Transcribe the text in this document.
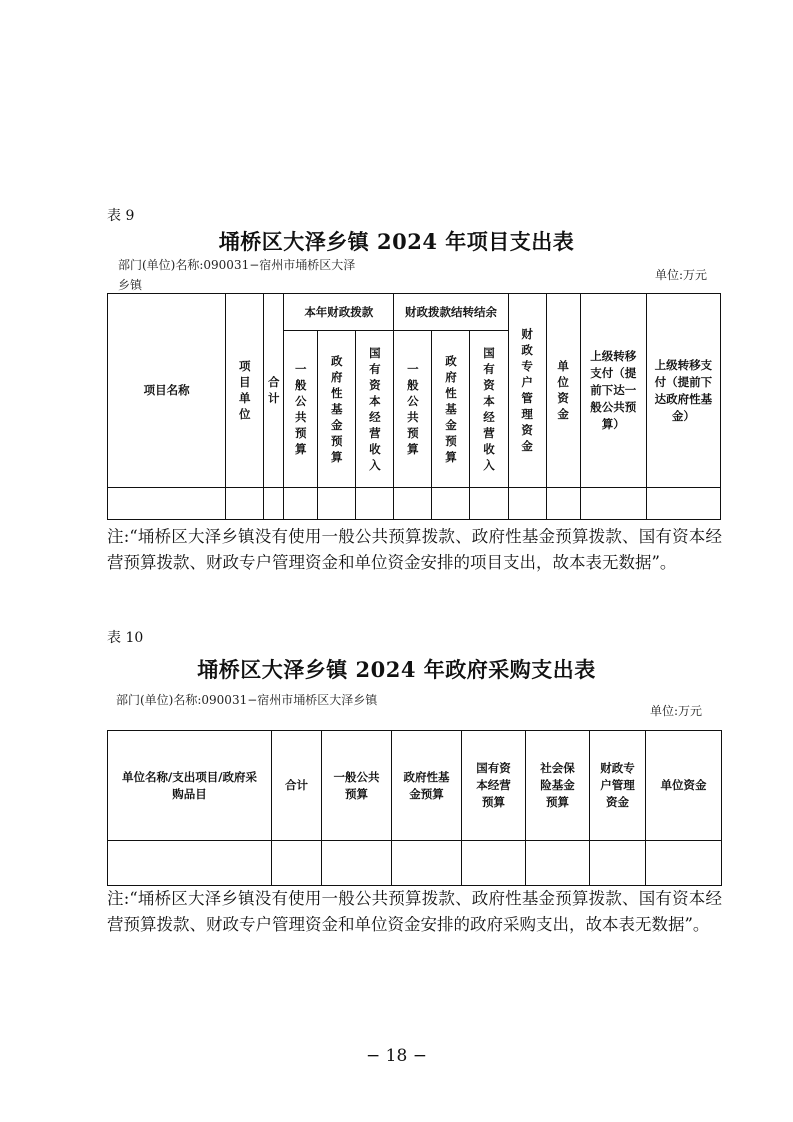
表 9
埇桥区大泽乡镇 2024 年项目支出表
部门(单位)名称:090031−宿州市埇桥区大泽乡镇
单位:万元
项目名称	项目单位	合计	本年财政拨款			财政拨款结转结余			财政专户管理资金	单位资金	上级转移支付（提前下达一般公共预算）	上级转移支付（提前下达政府性基金）
			一般公共预算	政府性基金预算	国有资本经营收入	一般公共预算	政府性基金预算	国有资本经营收入				

注:“埇桥区大泽乡镇没有使用一般公共预算拨款、政府性基金预算拨款、国有资本经营预算拨款、财政专户管理资金和单位资金安排的项目支出，故本表无数据”。
表 10
埇桥区大泽乡镇 2024 年政府采购支出表
部门(单位)名称:090031−宿州市埇桥区大泽乡镇
单位:万元
单位名称/支出项目/政府采购品目	合计	一般公共预算	政府性基金预算	国有资本经营预算	社会保险基金预算	财政专户管理资金	单位资金

注:“埇桥区大泽乡镇没有使用一般公共预算拨款、政府性基金预算拨款、国有资本经营预算拨款、财政专户管理资金和单位资金安排的政府采购支出，故本表无数据”。
− 18 −
